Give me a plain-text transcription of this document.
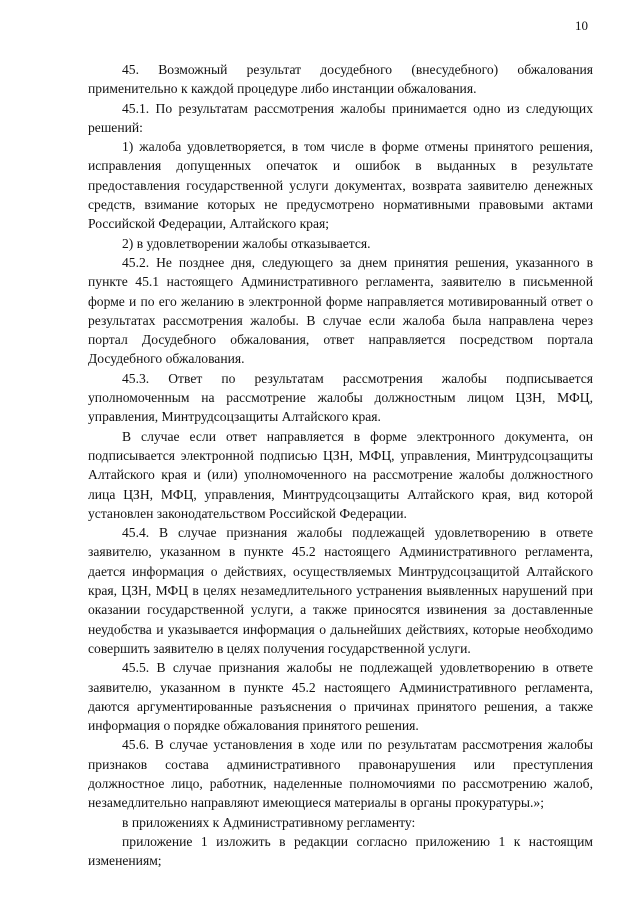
10

45. Возможный результат досудебного (внесудебного) обжалования применительно к каждой процедуре либо инстанции обжалования.

45.1. По результатам рассмотрения жалобы принимается одно из следующих решений:

1) жалоба удовлетворяется, в том числе в форме отмены принятого решения, исправления допущенных опечаток и ошибок в выданных в результате предоставления государственной услуги документах, возврата заявителю денежных средств, взимание которых не предусмотрено нормативными правовыми актами Российской Федерации, Алтайского края;

2) в удовлетворении жалобы отказывается.

45.2. Не позднее дня, следующего за днем принятия решения, указанного в пункте 45.1 настоящего Административного регламента, заявителю в письменной форме и по его желанию в электронной форме направляется мотивированный ответ о результатах рассмотрения жалобы. В случае если жалоба была направлена через портал Досудебного обжалования, ответ направляется посредством портала Досудебного обжалования.

45.3. Ответ по результатам рассмотрения жалобы подписывается уполномоченным на рассмотрение жалобы должностным лицом ЦЗН, МФЦ, управления, Минтрудсоцзащиты Алтайского края.

В случае если ответ направляется в форме электронного документа, он подписывается электронной подписью ЦЗН, МФЦ, управления, Минтрудсоцзащиты Алтайского края и (или) уполномоченного на рассмотрение жалобы должностного лица ЦЗН, МФЦ, управления, Минтрудсоцзащиты Алтайского края, вид которой установлен законодательством Российской Федерации.

45.4. В случае признания жалобы подлежащей удовлетворению в ответе заявителю, указанном в пункте 45.2 настоящего Административного регламента, дается информация о действиях, осуществляемых Минтрудсоцзащитой Алтайского края, ЦЗН, МФЦ в целях незамедлительного устранения выявленных нарушений при оказании государственной услуги, а также приносятся извинения за доставленные неудобства и указывается информация о дальнейших действиях, которые необходимо совершить заявителю в целях получения государственной услуги.

45.5. В случае признания жалобы не подлежащей удовлетворению в ответе заявителю, указанном в пункте 45.2 настоящего Административного регламента, даются аргументированные разъяснения о причинах принятого решения, а также информация о порядке обжалования принятого решения.

45.6. В случае установления в ходе или по результатам рассмотрения жалобы признаков состава административного правонарушения или преступления должностное лицо, работник, наделенные полномочиями по рассмотрению жалоб, незамедлительно направляют имеющиеся материалы в органы прокуратуры.»;

в приложениях к Административному регламенту:

приложение 1 изложить в редакции согласно приложению 1 к настоящим изменениям;
